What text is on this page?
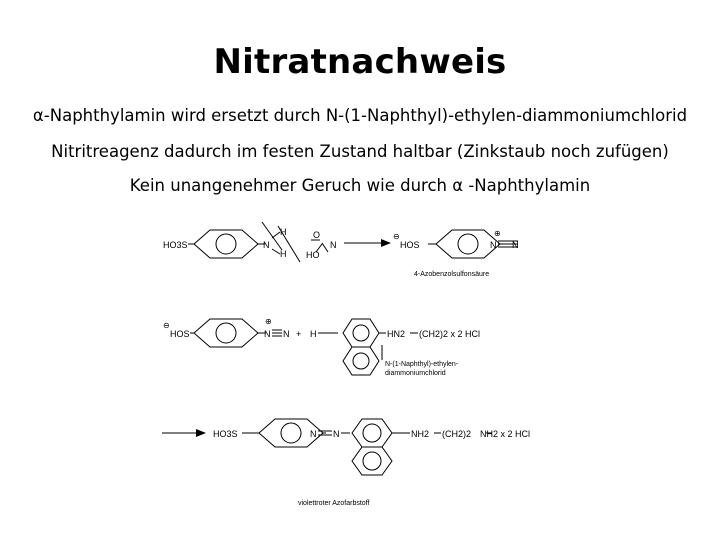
Nitratnachweis
α-Naphthylamin wird ersetzt durch N-(1-Naphthyl)-ethylen-diammoniumchlorid
Nitritreagenz dadurch im festen Zustand haltbar (Zinkstaub noch zufügen)
Kein unangenehmer Geruch wie durch α -Naphthylamin
HO3S	N
H
H
O
N
HO
⊖
HOS
⊕
N N
4-Azobenzolsulfonsäure
⊖
HOS
⊕
N N + H	HN2 (CH2)2 x 2 HCl
N-(1-Naphthyl)-ethylen-
diammoniumchlorid
HO3S	N N	NH2 (CH2)2 NH2 x 2 HCl
violettroter Azofarbstoff
